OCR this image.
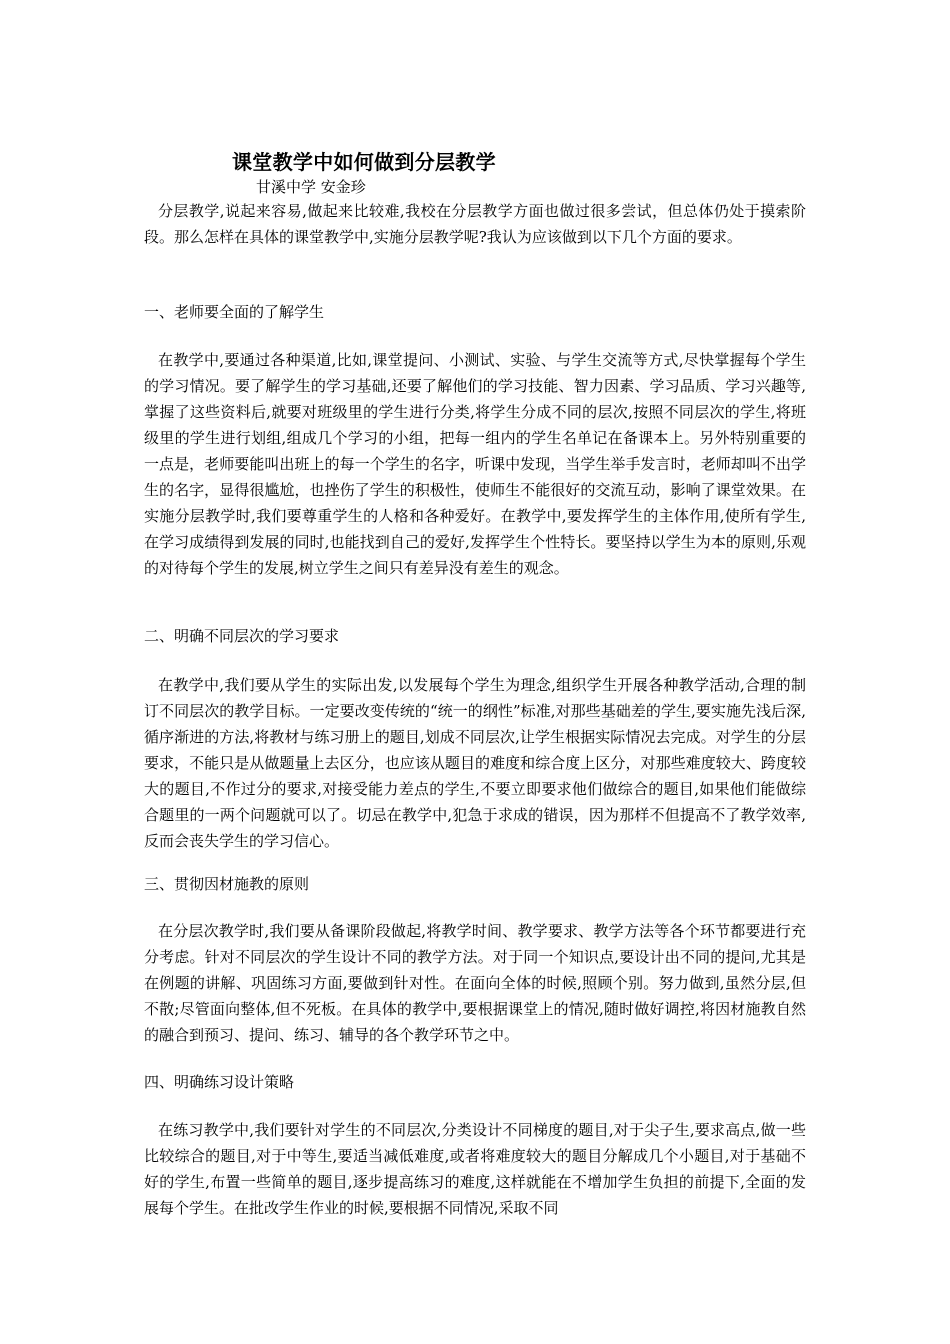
课堂教学中如何做到分层教学
甘溪中学 安金珍

分层教学,说起来容易,做起来比较难,我校在分层教学方面也做过很多尝试，但总体仍处于摸索阶段。那么怎样在具体的课堂教学中,实施分层教学呢?我认为应该做到以下几个方面的要求。

一、老师要全面的了解学生

在教学中,要通过各种渠道,比如,课堂提问、小测试、实验、与学生交流等方式,尽快掌握每个学生的学习情况。要了解学生的学习基础,还要了解他们的学习技能、智力因素、学习品质、学习兴趣等,掌握了这些资料后,就要对班级里的学生进行分类,将学生分成不同的层次,按照不同层次的学生,将班级里的学生进行划组,组成几个学习的小组，把每一组内的学生名单记在备课本上。另外特别重要的一点是，老师要能叫出班上的每一个学生的名字，听课中发现，当学生举手发言时，老师却叫不出学生的名字，显得很尴尬，也挫伤了学生的积极性，使师生不能很好的交流互动，影响了课堂效果。在实施分层教学时,我们要尊重学生的人格和各种爱好。在教学中,要发挥学生的主体作用,使所有学生,在学习成绩得到发展的同时,也能找到自己的爱好,发挥学生个性特长。要坚持以学生为本的原则,乐观的对待每个学生的发展,树立学生之间只有差异没有差生的观念。

二、明确不同层次的学习要求

在教学中,我们要从学生的实际出发,以发展每个学生为理念,组织学生开展各种教学活动,合理的制订不同层次的教学目标。一定要改变传统的“统一的纲性”标准,对那些基础差的学生,要实施先浅后深,循序渐进的方法,将教材与练习册上的题目,划成不同层次,让学生根据实际情况去完成。对学生的分层要求，不能只是从做题量上去区分，也应该从题目的难度和综合度上区分，对那些难度较大、跨度较大的题目,不作过分的要求,对接受能力差点的学生,不要立即要求他们做综合的题目,如果他们能做综合题里的一两个问题就可以了。切忌在教学中,犯急于求成的错误，因为那样不但提高不了教学效率,反而会丧失学生的学习信心。

三、贯彻因材施教的原则

在分层次教学时,我们要从备课阶段做起,将教学时间、教学要求、教学方法等各个环节都要进行充分考虑。针对不同层次的学生设计不同的教学方法。对于同一个知识点,要设计出不同的提问,尤其是在例题的讲解、巩固练习方面,要做到针对性。在面向全体的时候,照顾个别。努力做到,虽然分层,但不散;尽管面向整体,但不死板。在具体的教学中,要根据课堂上的情况,随时做好调控,将因材施教自然的融合到预习、提问、练习、辅导的各个教学环节之中。

四、明确练习设计策略

在练习教学中,我们要针对学生的不同层次,分类设计不同梯度的题目,对于尖子生,要求高点,做一些比较综合的题目,对于中等生,要适当减低难度,或者将难度较大的题目分解成几个小题目,对于基础不好的学生,布置一些简单的题目,逐步提高练习的难度,这样就能在不增加学生负担的前提下,全面的发展每个学生。在批改学生作业的时候,要根据不同情况,采取不同
